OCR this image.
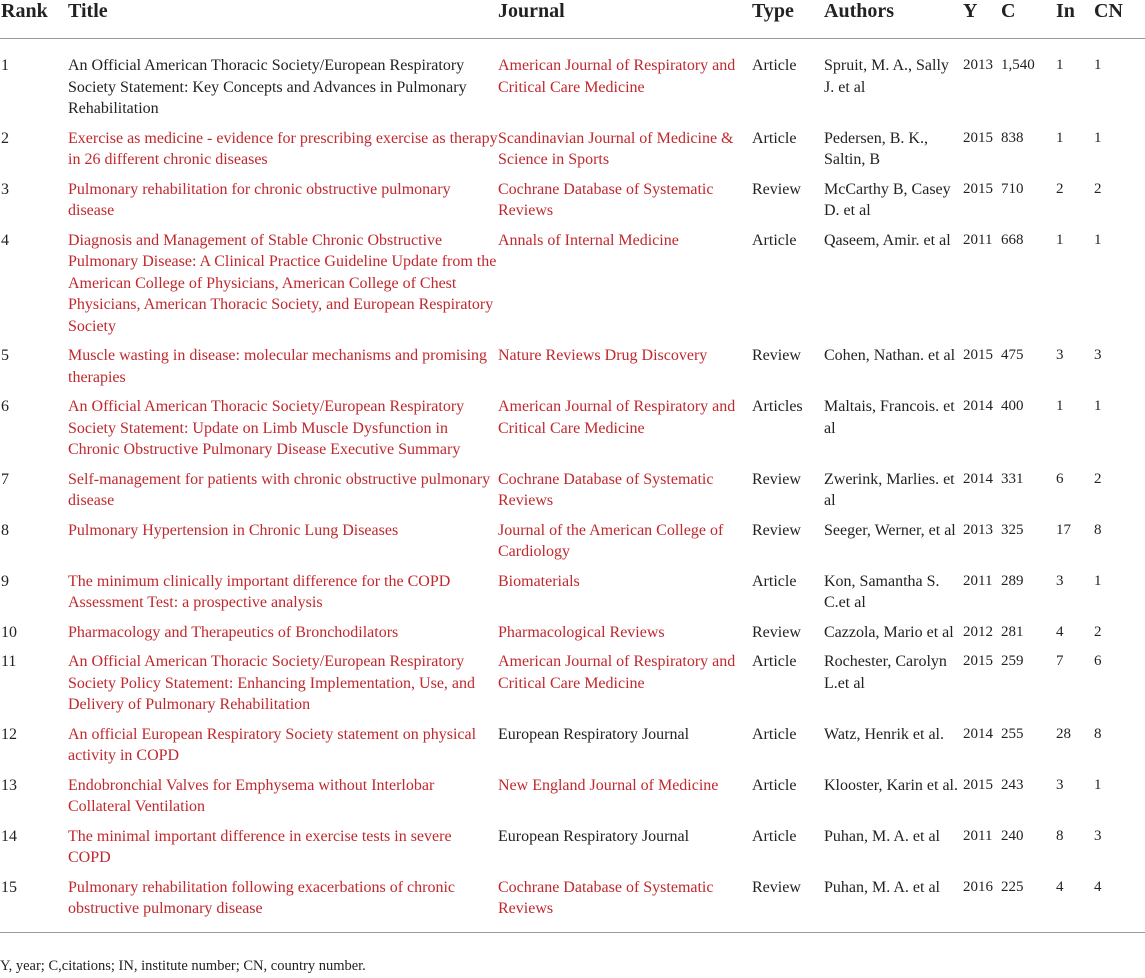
Rank	Title	Journal	Type	Authors	Y	C	In	CN
1	An Official American Thoracic Society/European Respiratory Society Statement: Key Concepts and Advances in Pulmonary Rehabilitation	American Journal of Respiratory and Critical Care Medicine	Article	Spruit, M. A., Sally J. et al	2013	1,540	1	1
2	Exercise as medicine - evidence for prescribing exercise as therapy in 26 different chronic diseases	Scandinavian Journal of Medicine & Science in Sports	Article	Pedersen, B. K., Saltin, B	2015	838	1	1
3	Pulmonary rehabilitation for chronic obstructive pulmonary disease	Cochrane Database of Systematic Reviews	Review	McCarthy B, Casey D. et al	2015	710	2	2
4	Diagnosis and Management of Stable Chronic Obstructive Pulmonary Disease: A Clinical Practice Guideline Update from the American College of Physicians, American College of Chest Physicians, American Thoracic Society, and European Respiratory Society	Annals of Internal Medicine	Article	Qaseem, Amir. et al	2011	668	1	1
5	Muscle wasting in disease: molecular mechanisms and promising therapies	Nature Reviews Drug Discovery	Review	Cohen, Nathan. et al	2015	475	3	3
6	An Official American Thoracic Society/European Respiratory Society Statement: Update on Limb Muscle Dysfunction in Chronic Obstructive Pulmonary Disease Executive Summary	American Journal of Respiratory and Critical Care Medicine	Articles	Maltais, Francois. et al	2014	400	1	1
7	Self-management for patients with chronic obstructive pulmonary disease	Cochrane Database of Systematic Reviews	Review	Zwerink, Marlies. et al	2014	331	6	2
8	Pulmonary Hypertension in Chronic Lung Diseases	Journal of the American College of Cardiology	Review	Seeger, Werner, et al	2013	325	17	8
9	The minimum clinically important difference for the COPD Assessment Test: a prospective analysis	Biomaterials	Article	Kon, Samantha S. C.et al	2011	289	3	1
10	Pharmacology and Therapeutics of Bronchodilators	Pharmacological Reviews	Review	Cazzola, Mario et al	2012	281	4	2
11	An Official American Thoracic Society/European Respiratory Society Policy Statement: Enhancing Implementation, Use, and Delivery of Pulmonary Rehabilitation	American Journal of Respiratory and Critical Care Medicine	Article	Rochester, Carolyn L.et al	2015	259	7	6
12	An official European Respiratory Society statement on physical activity in COPD	European Respiratory Journal	Article	Watz, Henrik et al.	2014	255	28	8
13	Endobronchial Valves for Emphysema without Interlobar Collateral Ventilation	New England Journal of Medicine	Article	Klooster, Karin et al.	2015	243	3	1
14	The minimal important difference in exercise tests in severe COPD	European Respiratory Journal	Article	Puhan, M. A. et al	2011	240	8	3
15	Pulmonary rehabilitation following exacerbations of chronic obstructive pulmonary disease	Cochrane Database of Systematic Reviews	Review	Puhan, M. A. et al	2016	225	4	4
Y, year; C,citations; IN, institute number; CN, country number.
